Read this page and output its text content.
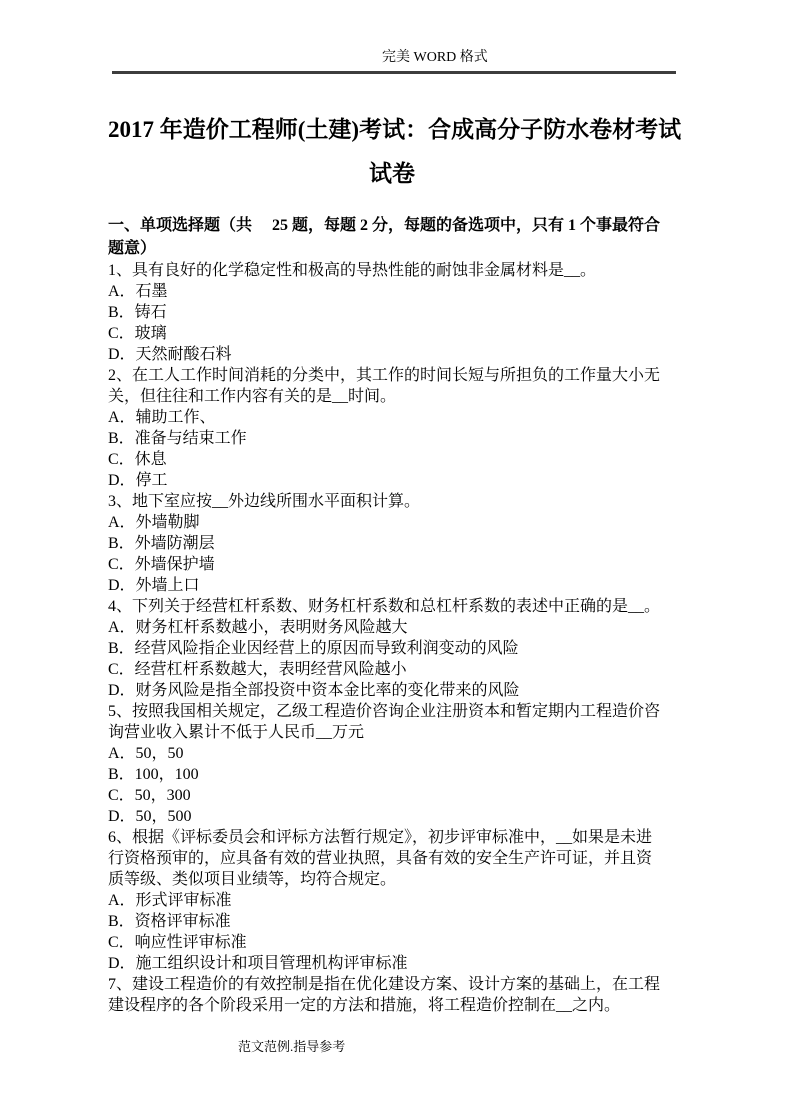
完美 WORD 格式
2017 年造价工程师(土建)考试：合成高分子防水卷材考试
试卷
一、单项选择题（共　 25 题，每题 2 分，每题的备选项中，只有 1 个事最符合
题意）
1、具有良好的化学稳定性和极高的导热性能的耐蚀非金属材料是__。
A．石墨
B．铸石
C．玻璃
D．天然耐酸石料
2、在工人工作时间消耗的分类中，其工作的时间长短与所担负的工作量大小无
关，但往往和工作内容有关的是__时间。
A．辅助工作、
B．准备与结束工作
C．休息
D．停工
3、地下室应按__外边线所围水平面积计算。
A．外墙勒脚
B．外墙防潮层
C．外墙保护墙
D．外墙上口
4、下列关于经营杠杆系数、财务杠杆系数和总杠杆系数的表述中正确的是__。
A．财务杠杆系数越小，表明财务风险越大
B．经营风险指企业因经营上的原因而导致利润变动的风险
C．经营杠杆系数越大，表明经营风险越小
D．财务风险是指全部投资中资本金比率的变化带来的风险
5、按照我国相关规定，乙级工程造价咨询企业注册资本和暂定期内工程造价咨
询营业收入累计不低于人民币__万元
A．50，50
B．100，100
C．50，300
D．50，500
6、根据《评标委员会和评标方法暂行规定》，初步评审标准中，__如果是未进
行资格预审的，应具备有效的营业执照，具备有效的安全生产许可证，并且资
质等级、类似项目业绩等，均符合规定。
A．形式评审标准
B．资格评审标准
C．响应性评审标准
D．施工组织设计和项目管理机构评审标准
7、建设工程造价的有效控制是指在优化建设方案、设计方案的基础上，在工程
建设程序的各个阶段采用一定的方法和措施，将工程造价控制在__之内。
范文范例.指导参考
